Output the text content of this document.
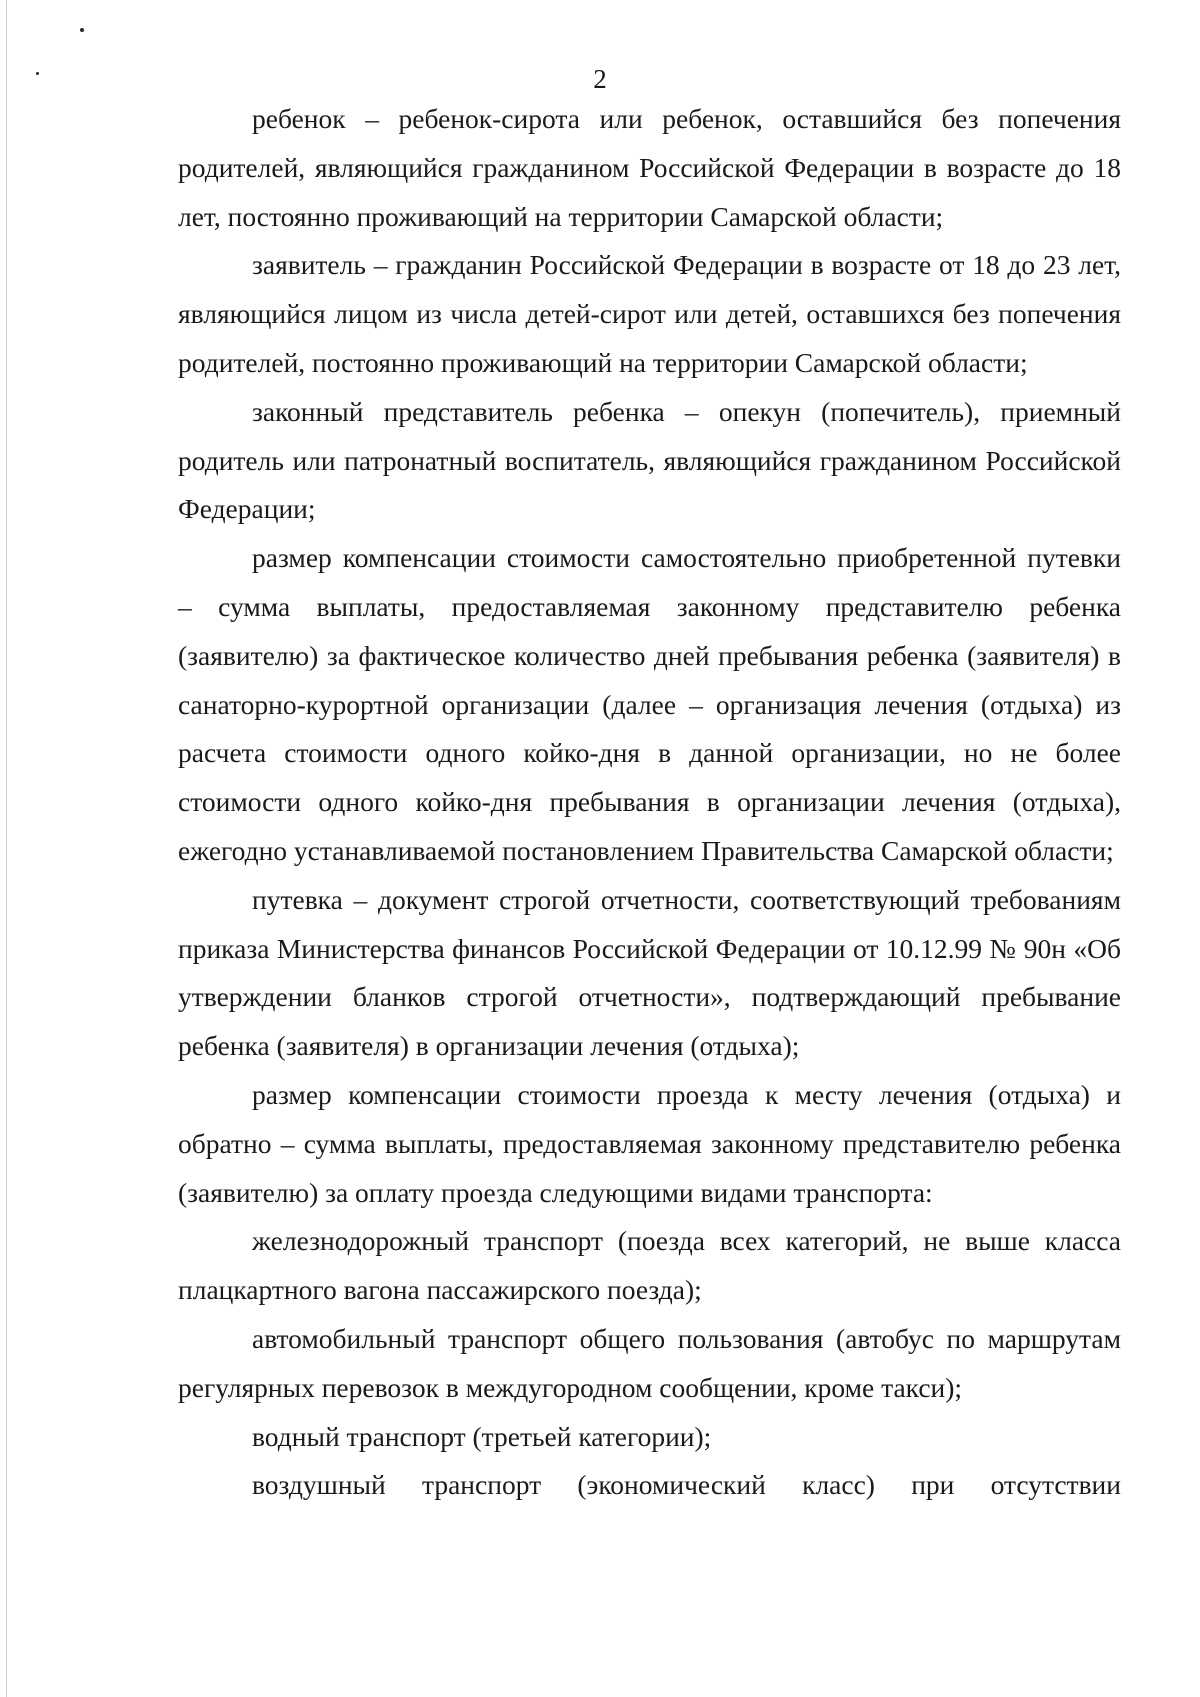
2

ребенок – ребенок-сирота или ребенок, оставшийся без попечения родителей, являющийся гражданином Российской Федерации в возрасте до 18 лет, постоянно проживающий на территории Самарской области;

заявитель – гражданин Российской Федерации в возрасте от 18 до 23 лет, являющийся лицом из числа детей-сирот или детей, оставшихся без попечения родителей, постоянно проживающий на территории Самарской области;

законный представитель ребенка – опекун (попечитель), приемный родитель или патронатный воспитатель, являющийся гражданином Российской Федерации;

размер компенсации стоимости самостоятельно приобретенной путевки – сумма выплаты, предоставляемая законному представителю ребенка (заявителю) за фактическое количество дней пребывания ребенка (заявителя) в санаторно-курортной организации (далее – организация лечения (отдыха) из расчета стоимости одного койко-дня в данной организации, но не более стоимости одного койко-дня пребывания в организации лечения (отдыха), ежегодно устанавливаемой постановлением Правительства Самарской области;

путевка – документ строгой отчетности, соответствующий требованиям приказа Министерства финансов Российской Федерации от 10.12.99 № 90н «Об утверждении бланков строгой отчетности», подтверждающий пребывание ребенка (заявителя) в организации лечения (отдыха);

размер компенсации стоимости проезда к месту лечения (отдыха) и обратно – сумма выплаты, предоставляемая законному представителю ребенка (заявителю) за оплату проезда следующими видами транспорта:

железнодорожный транспорт (поезда всех категорий, не выше класса плацкартного вагона пассажирского поезда);

автомобильный транспорт общего пользования (автобус по маршрутам регулярных перевозок в междугородном сообщении, кроме такси);

водный транспорт (третьей категории);

воздушный транспорт (экономический класс) при отсутствии
